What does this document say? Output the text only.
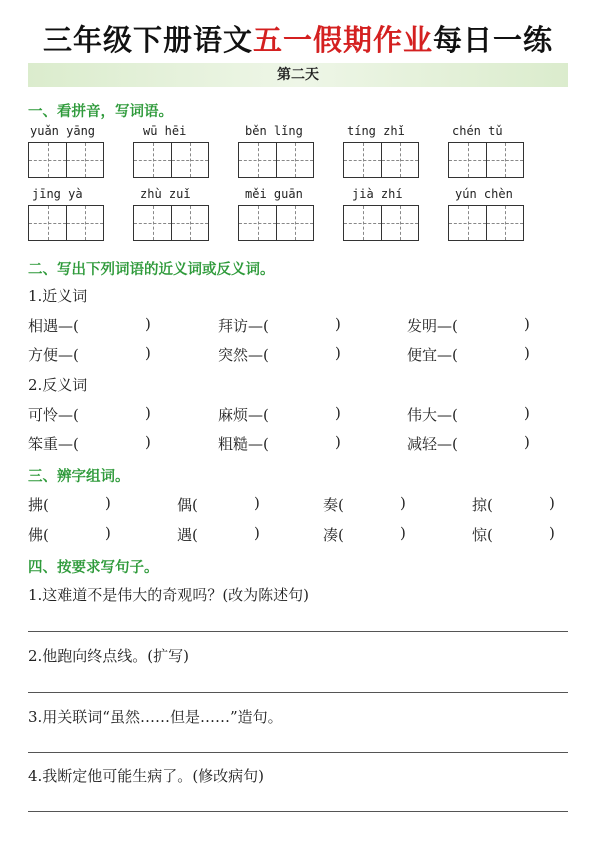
三年级下册语文五一假期作业每日一练
第二天
一、看拼音，写词语。
yuǎn yāng	wū hēi	běn lǐng	tíng zhǐ	chén tǔ
jīng yà	zhù zuǐ	měi guān	jià zhí	yún chèn
二、写出下列词语的近义词或反义词。
1.近义词
相遇—(	)	拜访—(	)	发明—(	)
方便—(	)	突然—(	)	便宜—(	)
2.反义词
可怜—(	)	麻烦—(	)	伟大—(	)
笨重—(	)	粗糙—(	)	减轻—(	)
三、辨字组词。
拂(	)	偶(	)	奏(	)	掠(	)
佛(	)	遇(	)	凑(	)	惊(	)
四、按要求写句子。
1.这难道不是伟大的奇观吗？(改为陈述句)
2.他跑向终点线。(扩写)
3.用关联词“虽然……但是……”造句。
4.我断定他可能生病了。(修改病句)
